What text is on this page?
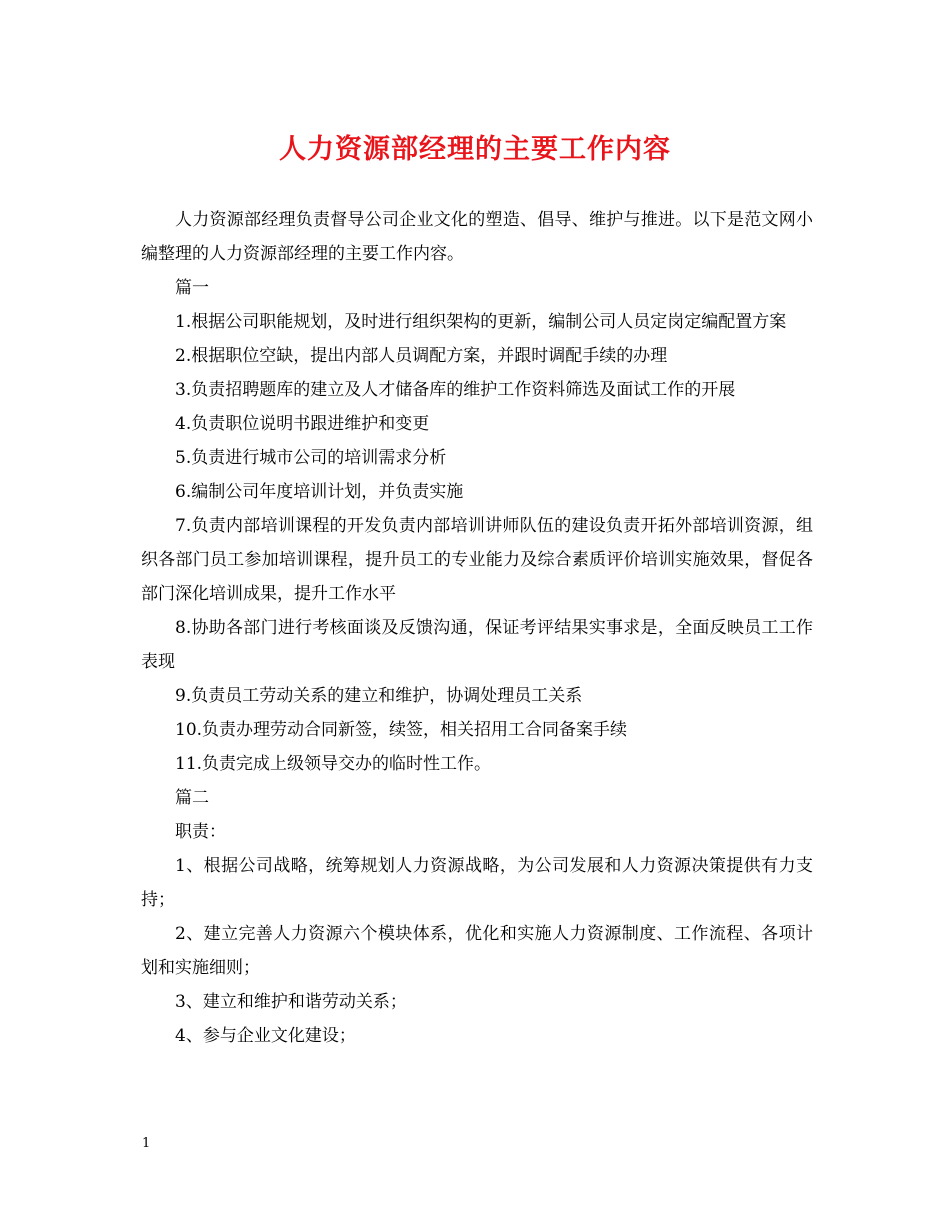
人力资源部经理的主要工作内容

人力资源部经理负责督导公司企业文化的塑造、倡导、维护与推进。以下是范文网小编整理的人力资源部经理的主要工作内容。

篇一

1.根据公司职能规划，及时进行组织架构的更新，编制公司人员定岗定编配置方案

2.根据职位空缺，提出内部人员调配方案，并跟时调配手续的办理

3.负责招聘题库的建立及人才储备库的维护工作资料筛选及面试工作的开展

4.负责职位说明书跟进维护和变更

5.负责进行城市公司的培训需求分析

6.编制公司年度培训计划，并负责实施

7.负责内部培训课程的开发负责内部培训讲师队伍的建设负责开拓外部培训资源，组织各部门员工参加培训课程，提升员工的专业能力及综合素质评价培训实施效果，督促各部门深化培训成果，提升工作水平

8.协助各部门进行考核面谈及反馈沟通，保证考评结果实事求是，全面反映员工工作表现

9.负责员工劳动关系的建立和维护，协调处理员工关系

10.负责办理劳动合同新签，续签，相关招用工合同备案手续

11.负责完成上级领导交办的临时性工作。

篇二

职责：

1、根据公司战略，统筹规划人力资源战略，为公司发展和人力资源决策提供有力支持；

2、建立完善人力资源六个模块体系，优化和实施人力资源制度、工作流程、各项计划和实施细则；

3、建立和维护和谐劳动关系；

4、参与企业文化建设；

1
